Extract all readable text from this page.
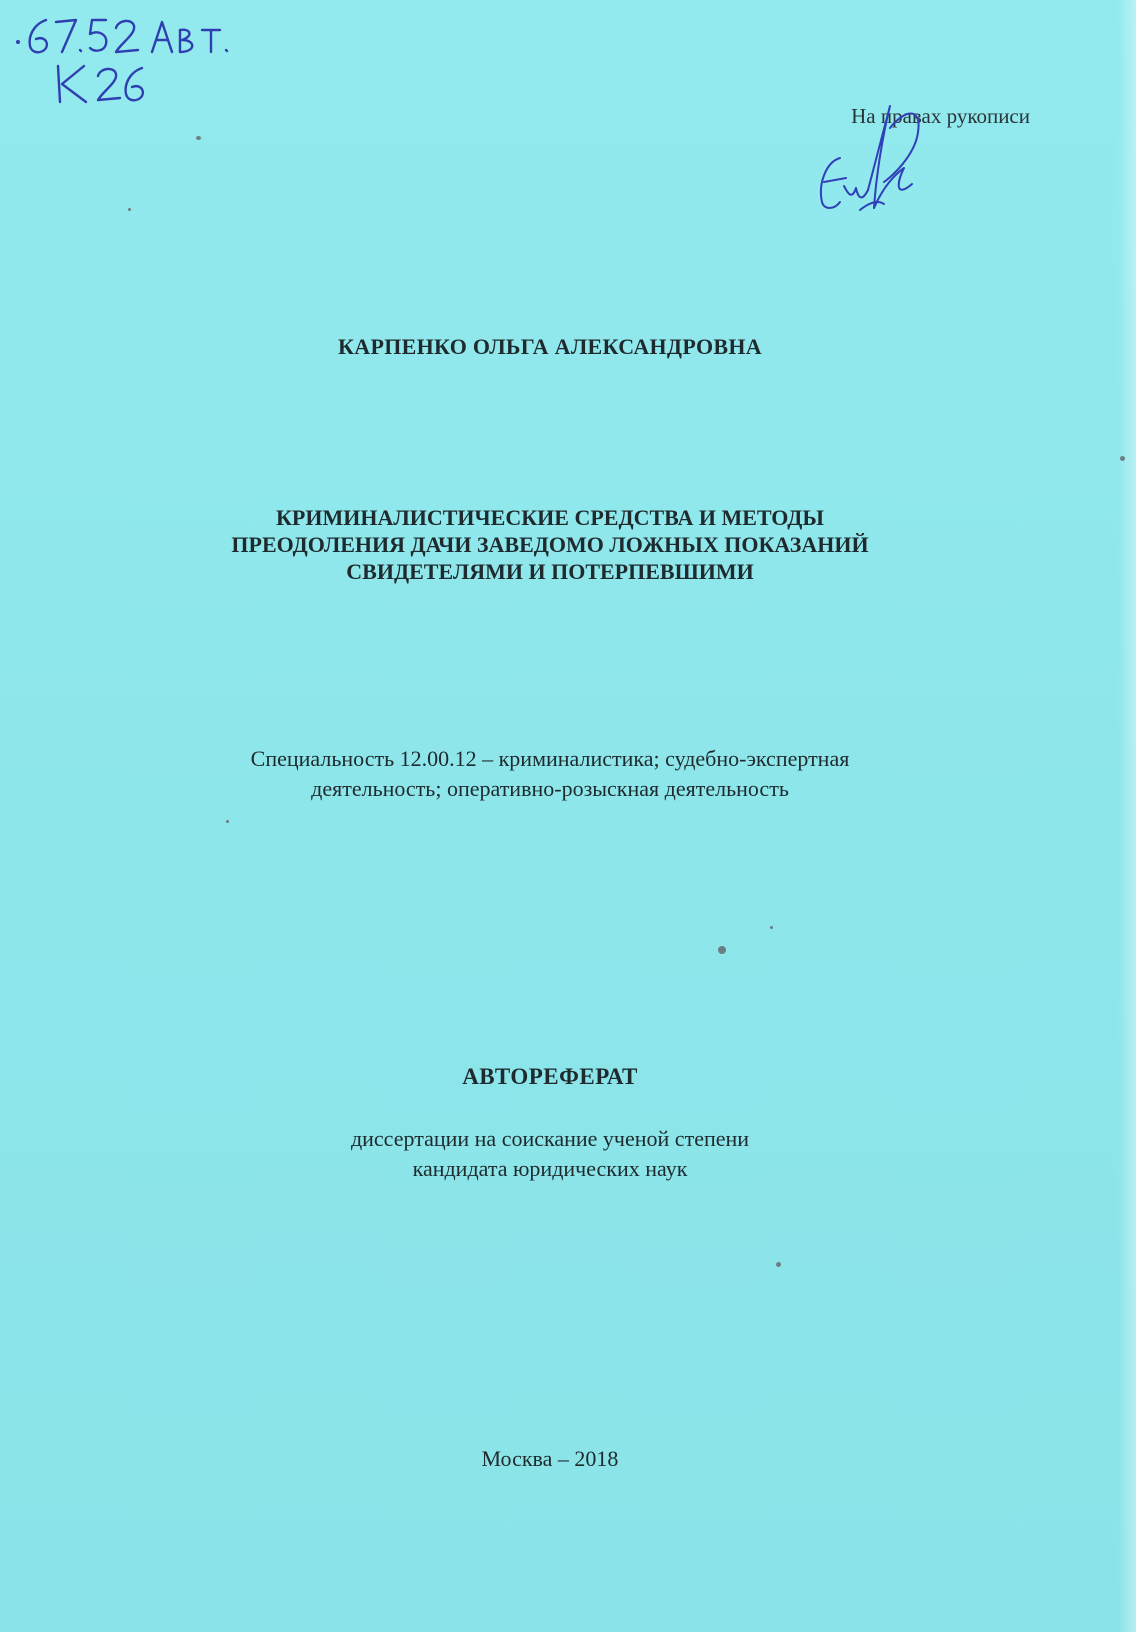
На правах рукописи
КАРПЕНКО ОЛЬГА АЛЕКСАНДРОВНА
КРИМИНАЛИСТИЧЕСКИЕ СРЕДСТВА И МЕТОДЫ
ПРЕОДОЛЕНИЯ ДАЧИ ЗАВЕДОМО ЛОЖНЫХ ПОКАЗАНИЙ
СВИДЕТЕЛЯМИ И ПОТЕРПЕВШИМИ
Специальность 12.00.12 – криминалистика; судебно-экспертная
деятельность; оперативно-розыскная деятельность
АВТОРЕФЕРАТ
диссертации на соискание ученой степени
кандидата юридических наук
Москва – 2018
